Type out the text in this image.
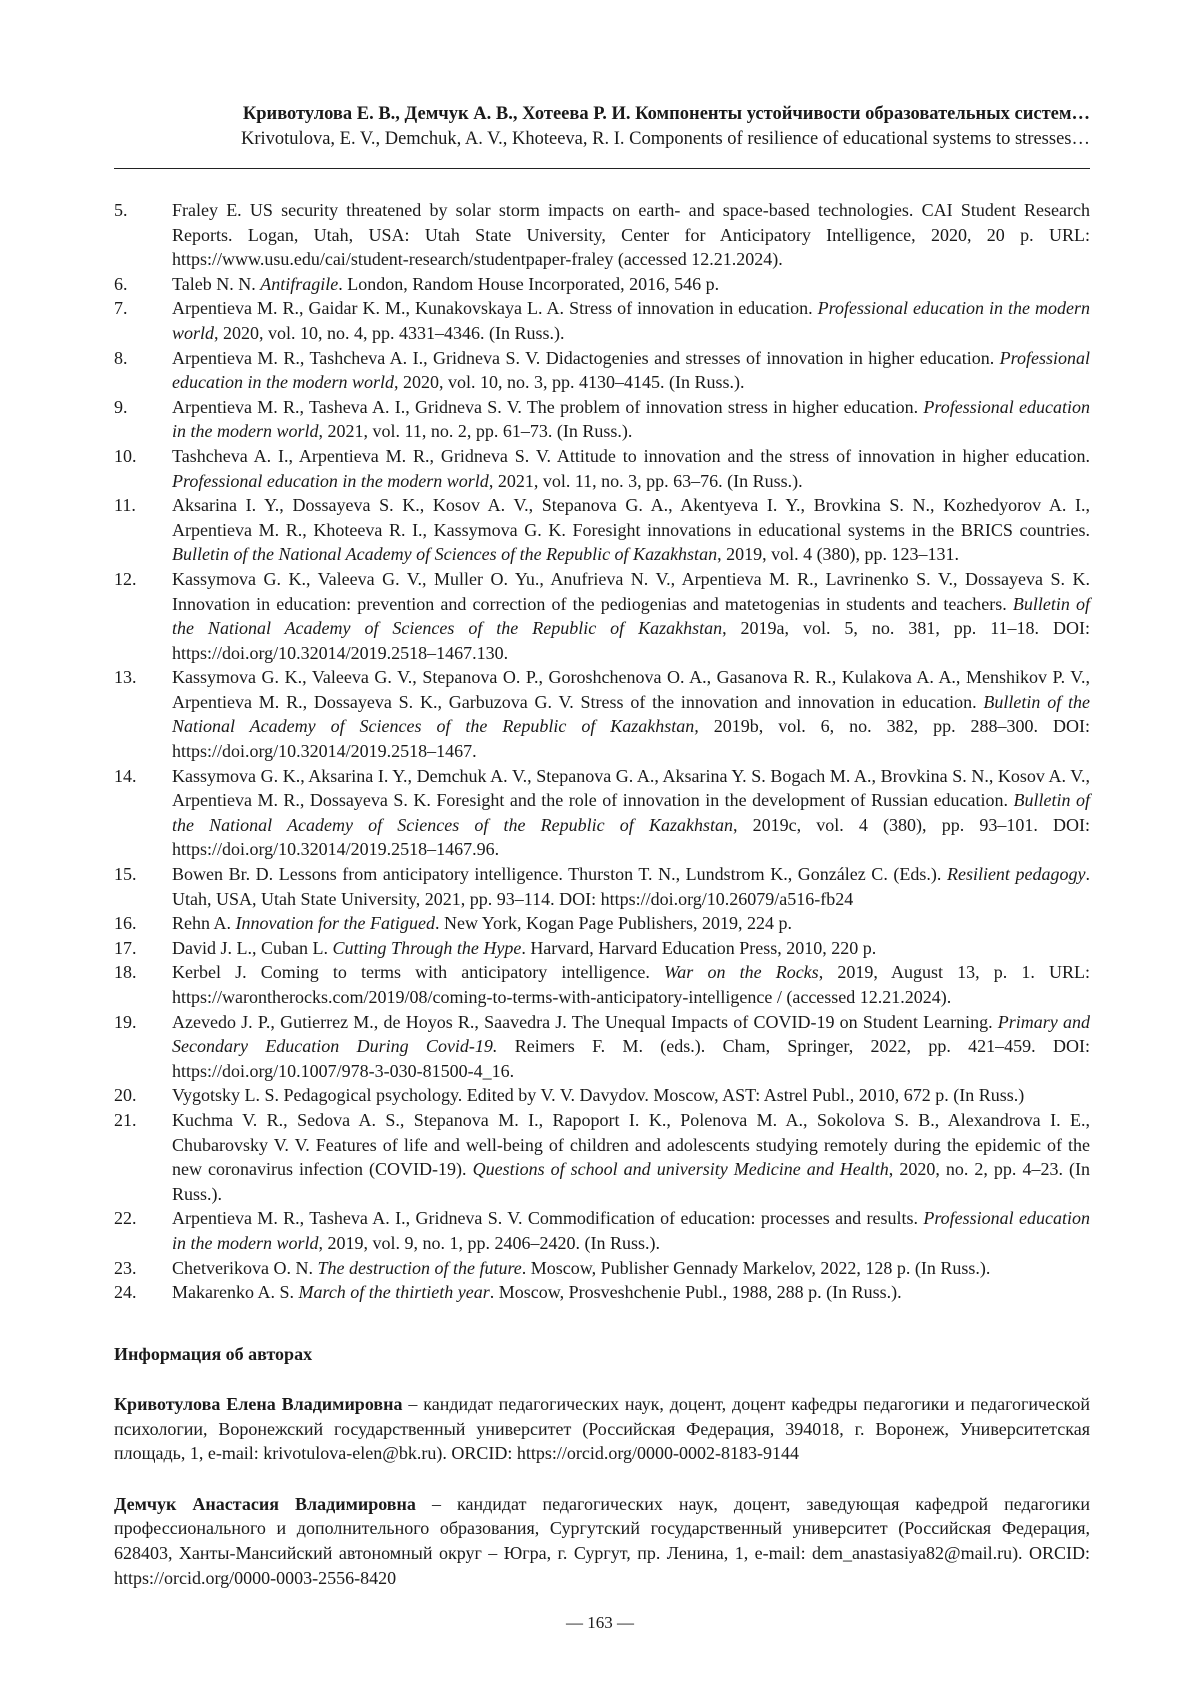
Кривотулова Е. В., Демчук А. В., Хотеева Р. И. Компоненты устойчивости образовательных систем…
Krivotulova, E. V., Demchuk, A. V., Khoteeva, R. I. Components of resilience of educational systems to stresses…
5.	Fraley E. US security threatened by solar storm impacts on earth- and space-based technologies. CAI Student Research Reports. Logan, Utah, USA: Utah State University, Center for Anticipatory Intelligence, 2020, 20 p. URL: https://www.usu.edu/cai/student-research/studentpaper-fraley (accessed 12.21.2024).
6.	Taleb N. N. Antifragile. London, Random House Incorporated, 2016, 546 p.
7.	Arpentieva M. R., Gaidar K. M., Kunakovskaya L. A. Stress of innovation in education. Professional education in the modern world, 2020, vol. 10, no. 4, pp. 4331–4346. (In Russ.).
8.	Arpentieva M. R., Tashcheva A. I., Gridneva S. V. Didactogenies and stresses of innovation in higher education. Professional education in the modern world, 2020, vol. 10, no. 3, pp. 4130–4145. (In Russ.).
9.	Arpentieva M. R., Tasheva A. I., Gridneva S. V. The problem of innovation stress in higher education. Professional education in the modern world, 2021, vol. 11, no. 2, pp. 61–73. (In Russ.).
10.	Tashcheva A. I., Arpentieva M. R., Gridneva S. V. Attitude to innovation and the stress of innovation in higher education. Professional education in the modern world, 2021, vol. 11, no. 3, pp. 63–76. (In Russ.).
11.	Aksarina I. Y., Dossayeva S. K., Kosov A. V., Stepanova G. A., Akentyeva I. Y., Brovkina S. N., Kozhedyorov A. I., Arpentieva M. R., Khoteeva R. I., Kassymova G. K. Foresight innovations in educational systems in the BRICS countries. Bulletin of the National Academy of Sciences of the Republic of Kazakhstan, 2019, vol. 4 (380), pp. 123–131.
12.	Kassymova G. K., Valeeva G. V., Muller O. Yu., Anufrieva N. V., Arpentieva M. R., Lavrinenko S. V., Dossayeva S. K. Innovation in education: prevention and correction of the pediogenias and matetogenias in students and teachers. Bulletin of the National Academy of Sciences of the Republic of Kazakhstan, 2019a, vol. 5, no. 381, pp. 11–18. DOI: https://doi.org/10.32014/2019.2518–1467.130.
13.	Kassymova G. K., Valeeva G. V., Stepanova O. P., Goroshchenova O. A., Gasanova R. R., Kulakova A. A., Menshikov P. V., Arpentieva M. R., Dossayeva S. K., Garbuzova G. V. Stress of the innovation and innovation in education. Bulletin of the National Academy of Sciences of the Republic of Kazakhstan, 2019b, vol. 6, no. 382, pp. 288–300. DOI: https://doi.org/10.32014/2019.2518–1467.
14.	Kassymova G. K., Aksarina I. Y., Demchuk A. V., Stepanova G. A., Aksarina Y. S. Bogach M. A., Brovkina S. N., Kosov A. V., Arpentieva M. R., Dossayeva S. K. Foresight and the role of innovation in the development of Russian education. Bulletin of the National Academy of Sciences of the Republic of Kazakhstan, 2019c, vol. 4 (380), pp. 93–101. DOI: https://doi.org/10.32014/2019.2518–1467.96.
15.	Bowen Br. D. Lessons from anticipatory intelligence. Thurston T. N., Lundstrom K., González C. (Eds.). Resilient pedagogy. Utah, USA, Utah State University, 2021, pp. 93–114. DOI: https://doi.org/10.26079/a516-fb24
16.	Rehn A. Innovation for the Fatigued. New York, Kogan Page Publishers, 2019, 224 p.
17.	David J. L., Cuban L. Cutting Through the Hype. Harvard, Harvard Education Press, 2010, 220 p.
18.	Kerbel J. Coming to terms with anticipatory intelligence. War on the Rocks, 2019, August 13, p. 1. URL: https://warontherocks.com/2019/08/coming-to-terms-with-anticipatory-intelligence / (accessed 12.21.2024).
19.	Azevedo J. P., Gutierrez M., de Hoyos R., Saavedra J. The Unequal Impacts of COVID-19 on Student Learning. Primary and Secondary Education During Covid-19. Reimers F. M. (eds.). Cham, Springer, 2022, pp. 421–459. DOI: https://doi.org/10.1007/978-3-030-81500-4_16.
20.	Vygotsky L. S. Pedagogical psychology. Edited by V. V. Davydov. Moscow, AST: Astrel Publ., 2010, 672 p. (In Russ.)
21.	Kuchma V. R., Sedova A. S., Stepanova M. I., Rapoport I. K., Polenova M. A., Sokolova S. B., Alexandrova I. E., Chubarovsky V. V. Features of life and well-being of children and adolescents studying remotely during the epidemic of the new coronavirus infection (COVID-19). Questions of school and university Medicine and Health, 2020, no. 2, pp. 4–23. (In Russ.).
22.	Arpentieva M. R., Tasheva A. I., Gridneva S. V. Commodification of education: processes and results. Professional education in the modern world, 2019, vol. 9, no. 1, pp. 2406–2420. (In Russ.).
23.	Chetverikova O. N. The destruction of the future. Moscow, Publisher Gennady Markelov, 2022, 128 p. (In Russ.).
24.	Makarenko A. S. March of the thirtieth year. Moscow, Prosveshchenie Publ., 1988, 288 p. (In Russ.).
Информация об авторах
Кривотулова Елена Владимировна – кандидат педагогических наук, доцент, доцент кафедры педагогики и педагогической психологии, Воронежский государственный университет (Российская Федерация, 394018, г. Воронеж, Университетская площадь, 1, e-mail: krivotulova-elen@bk.ru). ORCID: https://orcid.org/0000-0002-8183-9144
Демчук Анастасия Владимировна – кандидат педагогических наук, доцент, заведующая кафедрой педагогики профессионального и дополнительного образования, Сургутский государственный университет (Российская Федерация, 628403, Ханты-Мансийский автономный округ – Югра, г. Сургут, пр. Ленина, 1, e-mail: dem_anastasiya82@mail.ru). ORCID: https://orcid.org/0000-0003-2556-8420
— 163 —
